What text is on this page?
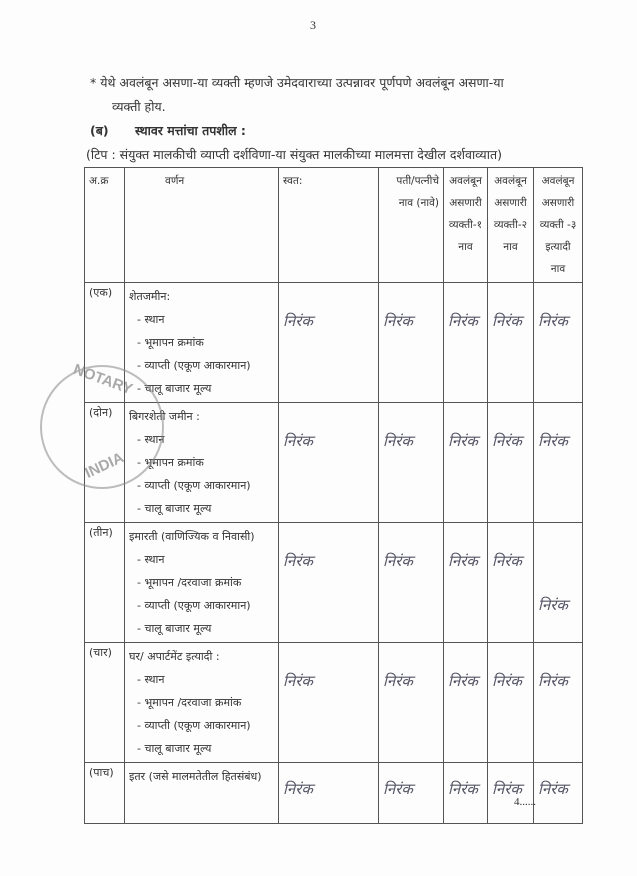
3
* येथे अवलंबून असणा-या व्यक्ती म्हणजे उमेदवाराच्या उत्पन्नावर पूर्णपणे अवलंबून असणा-या
व्यक्ती होय.
(ब) स्थावर मत्तांचा तपशील :
(टिप : संयुक्त मालकीची व्याप्ती दर्शविणा-या संयुक्त मालकीच्या मालमत्ता देखील दर्शवाव्यात)
अ.क्र	वर्णन	स्वत:	पती/पत्नीचे नाव (नावे)	अवलंबून असणारी व्यक्ती-१ नाव	अवलंबून असणारी व्यक्ती-२ नाव	अवलंबून असणारी व्यक्ती -३ इत्यादी नाव
(एक)	शेतजमीन:
- स्थान
- भूमापन क्रमांक
- व्याप्ती (एकूण आकारमान)
- चालू बाजार मूल्य	निरंक	निरंक	निरंक	निरंक	निरंक

(दोन)	बिगरशेती जमीन :
- स्थान
- भूमापन क्रमांक
- व्याप्ती (एकूण आकारमान)
- चालू बाजार मूल्य	निरंक	निरंक	निरंक	निरंक	निरंक

(तीन)	इमारती (वाणिज्यिक व निवासी)
- स्थान
- भूमापन /दरवाजा क्रमांक
- व्याप्ती (एकूण आकारमान)
- चालू बाजार मूल्य	निरंक	निरंक	निरंक	निरंक	निरंक

(चार)	घर/ अपार्टमेंट इत्यादी :
- स्थान
- भूमापन /दरवाजा क्रमांक
- व्याप्ती (एकूण आकारमान)
- चालू बाजार मूल्य	निरंक	निरंक	निरंक	निरंक	निरंक

(पाच)	इतर (जसे मालमतेतील हितसंबंध)	निरंक	निरंक	निरंक	निरंक	निरंक
NOTARY
INDIA
4......
